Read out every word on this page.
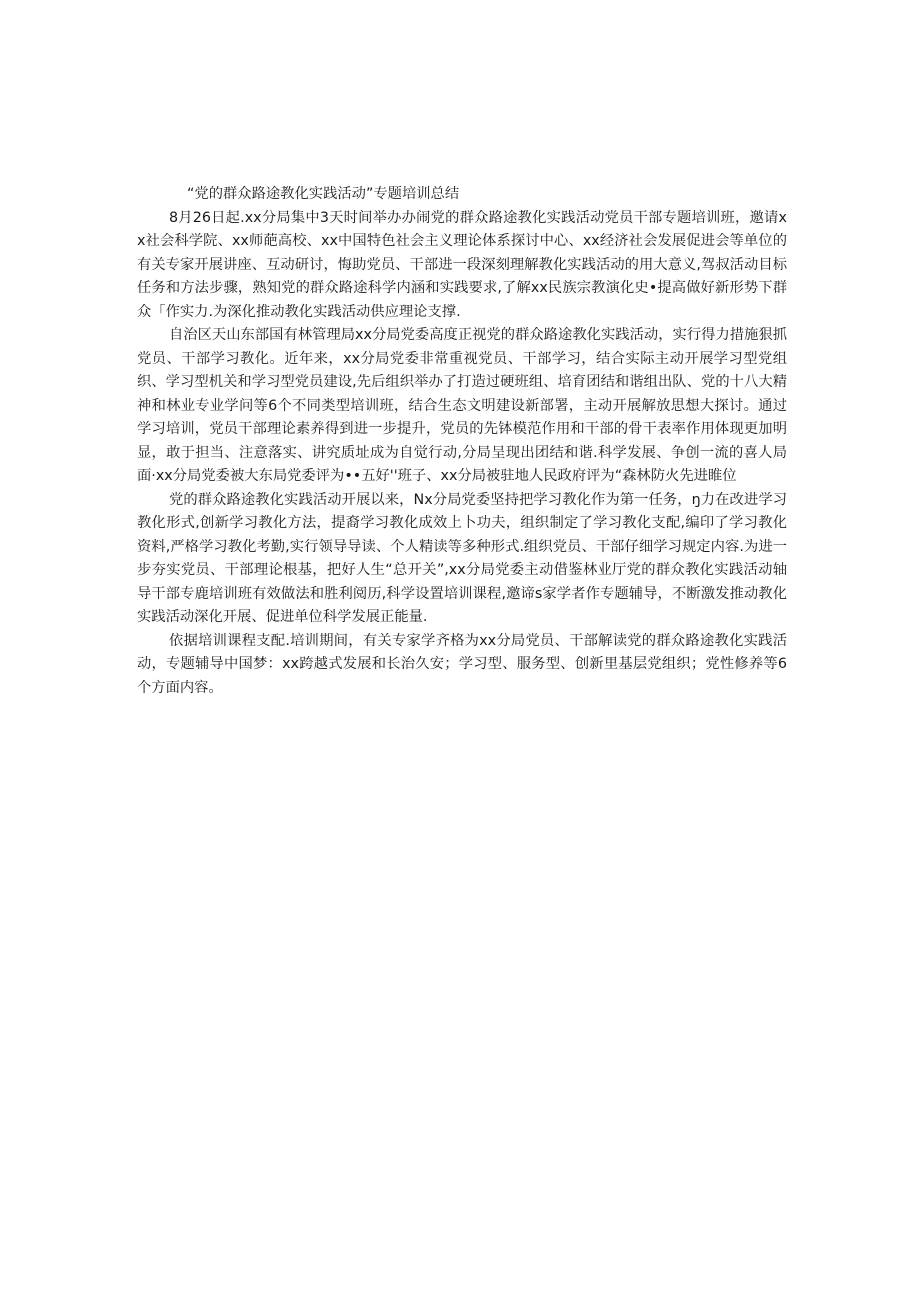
“党的群众路途教化实践活动”专题培训总结

8月26日起.xx分局集中3天时间举办办闹党的群众路途教化实践活动党员干部专题培训班，邀请xx社会科学院、xx师葩高校、xx中国特色社会主义理论体系探讨中心、xx经济社会发展促进会等单位的有关专家开展讲座、互动研讨，悔助党员、干部进一段深刻理解教化实践活动的用大意义,驾叔活动目标任务和方法步骤，熟知党的群众路途科学内涵和实践要求,了解xx民族宗教演化史•提高做好新形势下群众「作实力.为深化推动教化实践活动供应理论支撑.

自治区天山东部国有林管理局xx分局党委高度正视党的群众路途教化实践活动，实行得力措施狠抓党员、干部学习教化。近年来，xx分局党委非常重视党员、干部学习，结合实际主动开展学习型党组织、学习型机关和学习型党员建设,先后组织举办了打造过硬班组、培育团结和谐组出队、党的十八大精神和林业专业学问等6个不同类型培训班，结合生态文明建设新部署，主动开展解放思想大探讨。通过学习培训，党员干部理论素养得到进一步提升，党员的先钵模范作用和干部的骨干表率作用体现更加明显，敢于担当、注意落实、讲究质址成为自觉行动,分局呈现出团结和谐.科学发展、争创一流的喜人局面·xx分局党委被大东局党委评为••五好''班子、xx分局被驻地人民政府评为“森林防火先进睢位

党的群众路途教化实践活动开展以来，Nx分局党委坚持把学习教化作为第一任务，ŋ力在改进学习教化形式,创新学习教化方法，提裔学习教化成效上卜功夫，组织制定了学习教化支配,编印了学习教化资料,严格学习教化考勤,实行领导导读、个人精读等多种形式.组织党员、干部仔细学习规定内容.为进一步夯实党员、干部理论根基，把好人生“总开关”,xx分局党委主动借鉴林业厅党的群众教化实践活动轴导干部专鹿培训班有效做法和胜利阅历,科学设置培训课程,邀谛s家学者作专题辅导，不断激发推动教化实践活动深化开展、促进单位科学发展正能量.

依据培训课程支配.培训期间，有关专家学齐格为xx分局党员、干部解读党的群众路途教化实践活动，专题辅导中国梦：xx跨越式发展和长治久安；学习型、服务型、创新里基层党组织；党性修养等6个方面内容。
